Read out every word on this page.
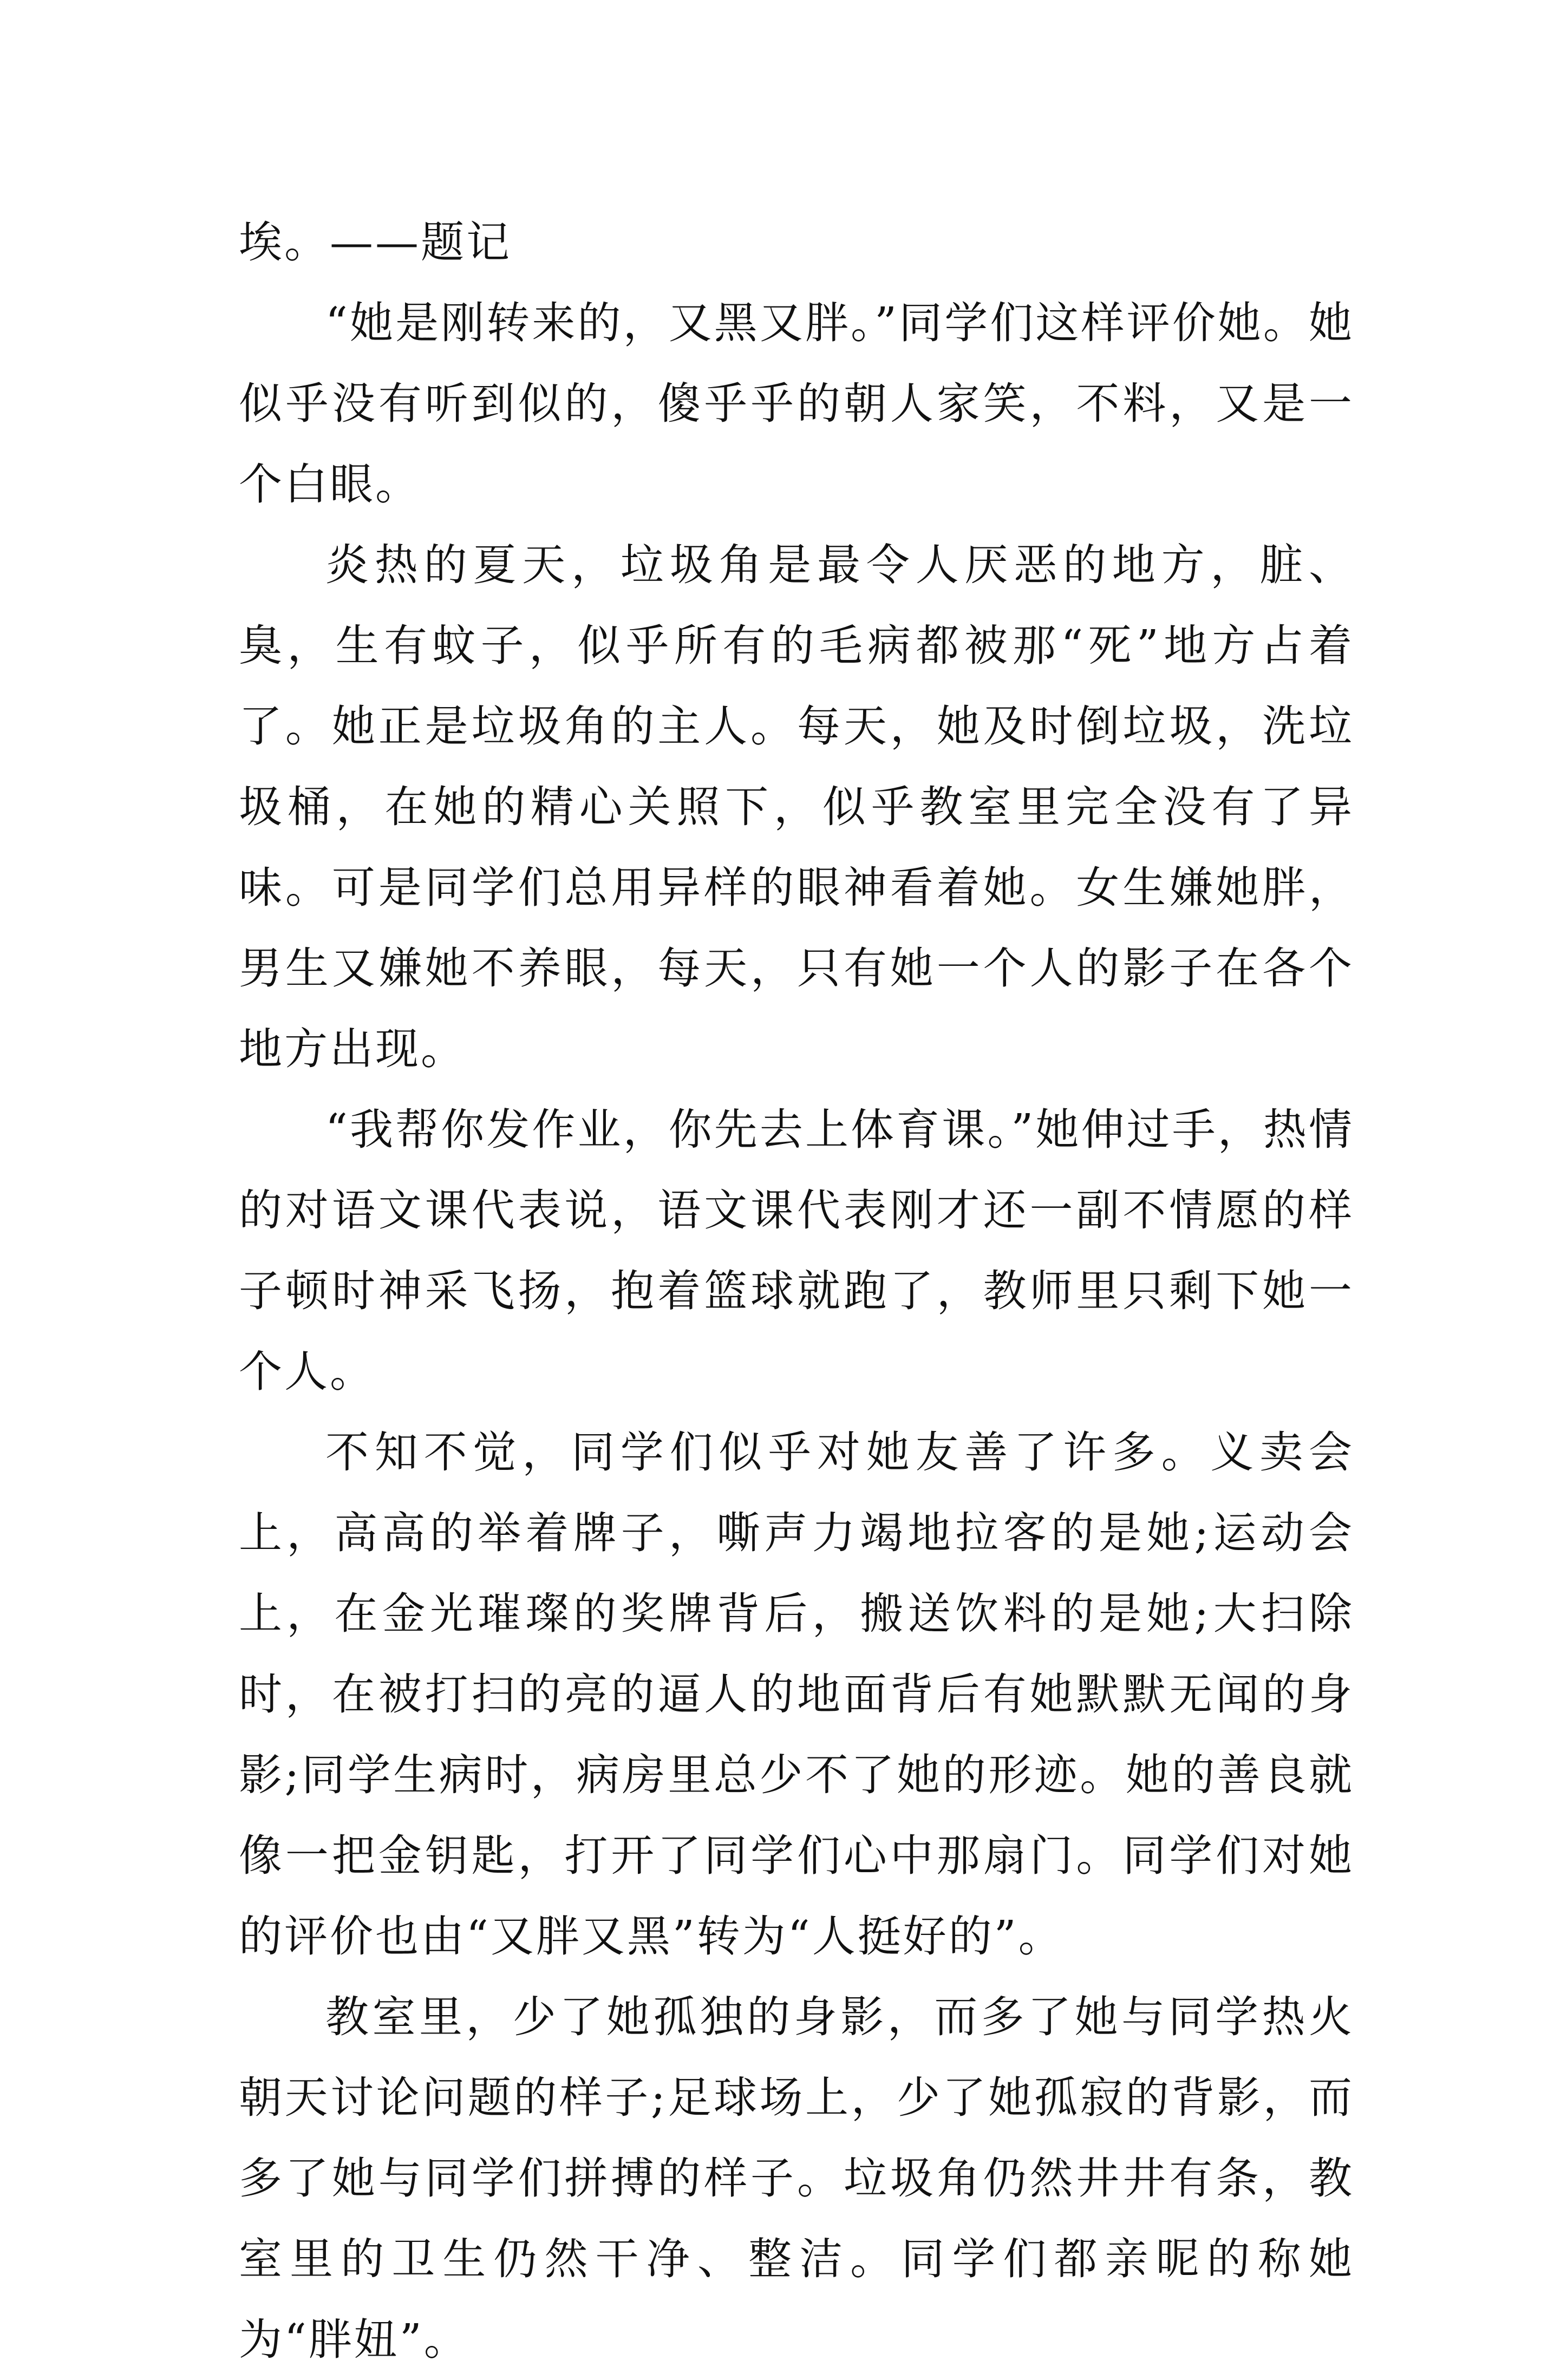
埃。——题记

“她是刚转来的，又黑又胖。”同学们这样评价她。她似乎没有听到似的，傻乎乎的朝人家笑，不料，又是一个白眼。

炎热的夏天，垃圾角是最令人厌恶的地方，脏、臭，生有蚊子，似乎所有的毛病都被那“死”地方占着了。她正是垃圾角的主人。每天，她及时倒垃圾，洗垃圾桶，在她的精心关照下，似乎教室里完全没有了异味。可是同学们总用异样的眼神看着她。女生嫌她胖，男生又嫌她不养眼，每天，只有她一个人的影子在各个地方出现。

“我帮你发作业，你先去上体育课。”她伸过手，热情的对语文课代表说，语文课代表刚才还一副不情愿的样子顿时神采飞扬，抱着篮球就跑了，教师里只剩下她一个人。

不知不觉，同学们似乎对她友善了许多。义卖会上，高高的举着牌子，嘶声力竭地拉客的是她;运动会上，在金光璀璨的奖牌背后，搬送饮料的是她;大扫除时，在被打扫的亮的逼人的地面背后有她默默无闻的身影;同学生病时，病房里总少不了她的形迹。她的善良就像一把金钥匙，打开了同学们心中那扇门。同学们对她的评价也由“又胖又黑”转为“人挺好的”。

教室里，少了她孤独的身影，而多了她与同学热火朝天讨论问题的样子;足球场上，少了她孤寂的背影，而多了她与同学们拼搏的样子。垃圾角仍然井井有条，教室里的卫生仍然干净、整洁。同学们都亲昵的称她为“胖妞”。
